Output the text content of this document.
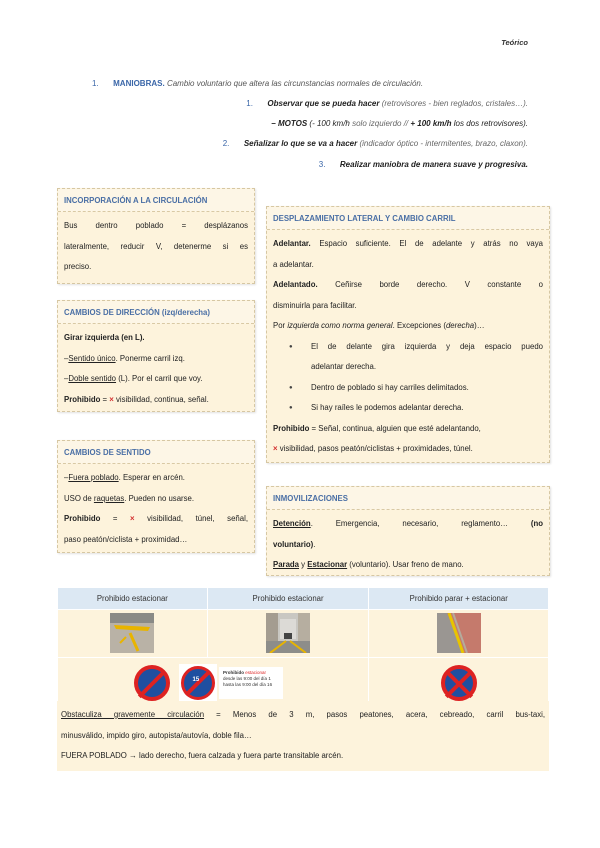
Teórico
1. MANIOBRAS. Cambio voluntario que altera las circunstancias normales de circulación.
1. Observar que se pueda hacer (retrovisores - bien reglados, cristales…).
– MOTOS (- 100 km/h solo izquierdo // + 100 km/h los dos retrovisores).
2. Señalizar lo que se va a hacer (indicador óptico - intermitentes, brazo, claxon).
3. Realizar maniobra de manera suave y progresiva.
INCORPORACIÓN A LA CIRCULACIÓN
Bus dentro poblado = desplázanos
lateralmente, reducir V, detenerme si es
preciso.
CAMBIOS DE DIRECCIÓN (izq/derecha)
Girar izquierda (en L).
–Sentido único. Ponerme carril izq.
–Doble sentido (L). Por el carril que voy.
Prohibido = × visibilidad, continua, señal.
CAMBIOS DE SENTIDO
–Fuera poblado. Esperar en arcén.
USO de raquetas. Pueden no usarse.
Prohibido = × visibilidad, túnel, señal,
paso peatón/ciclista + proximidad…
DESPLAZAMIENTO LATERAL Y CAMBIO CARRIL
Adelantar. Espacio suficiente. El de adelante y atrás no vaya
a adelantar.
Adelantado. Ceñirse borde derecho. V constante o
disminuirla para facilitar.
Por izquierda como norma general. Excepciones (derecha)…
● El de delante gira izquierda y deja espacio puedo
adelantar derecha.
● Dentro de poblado si hay carriles delimitados.
● Si hay raíles le podemos adelantar derecha.
Prohibido = Señal, continua, alguien que esté adelantando,
× visibilidad, pasos peatón/ciclistas + proximidades, túnel.
INMOVILIZACIONES
Detención. Emergencia, necesario, reglamento… (no
voluntario).
Parada y Estacionar (voluntario). Usar freno de mano.
Prohibido estacionar	Prohibido estacionar	Prohibido parar + estacionar

15
Prohibido estacionar
desde las 9:00 del día 1
hasta las 9:00 del día 16		
Obstaculiza gravemente circulación = Menos de 3 m, pasos peatones, acera, cebreado, carril bus-taxi,
minusválido, impido giro, autopista/autovía, doble fila…
FUERA POBLADO → lado derecho, fuera calzada y fuera parte transitable arcén.
